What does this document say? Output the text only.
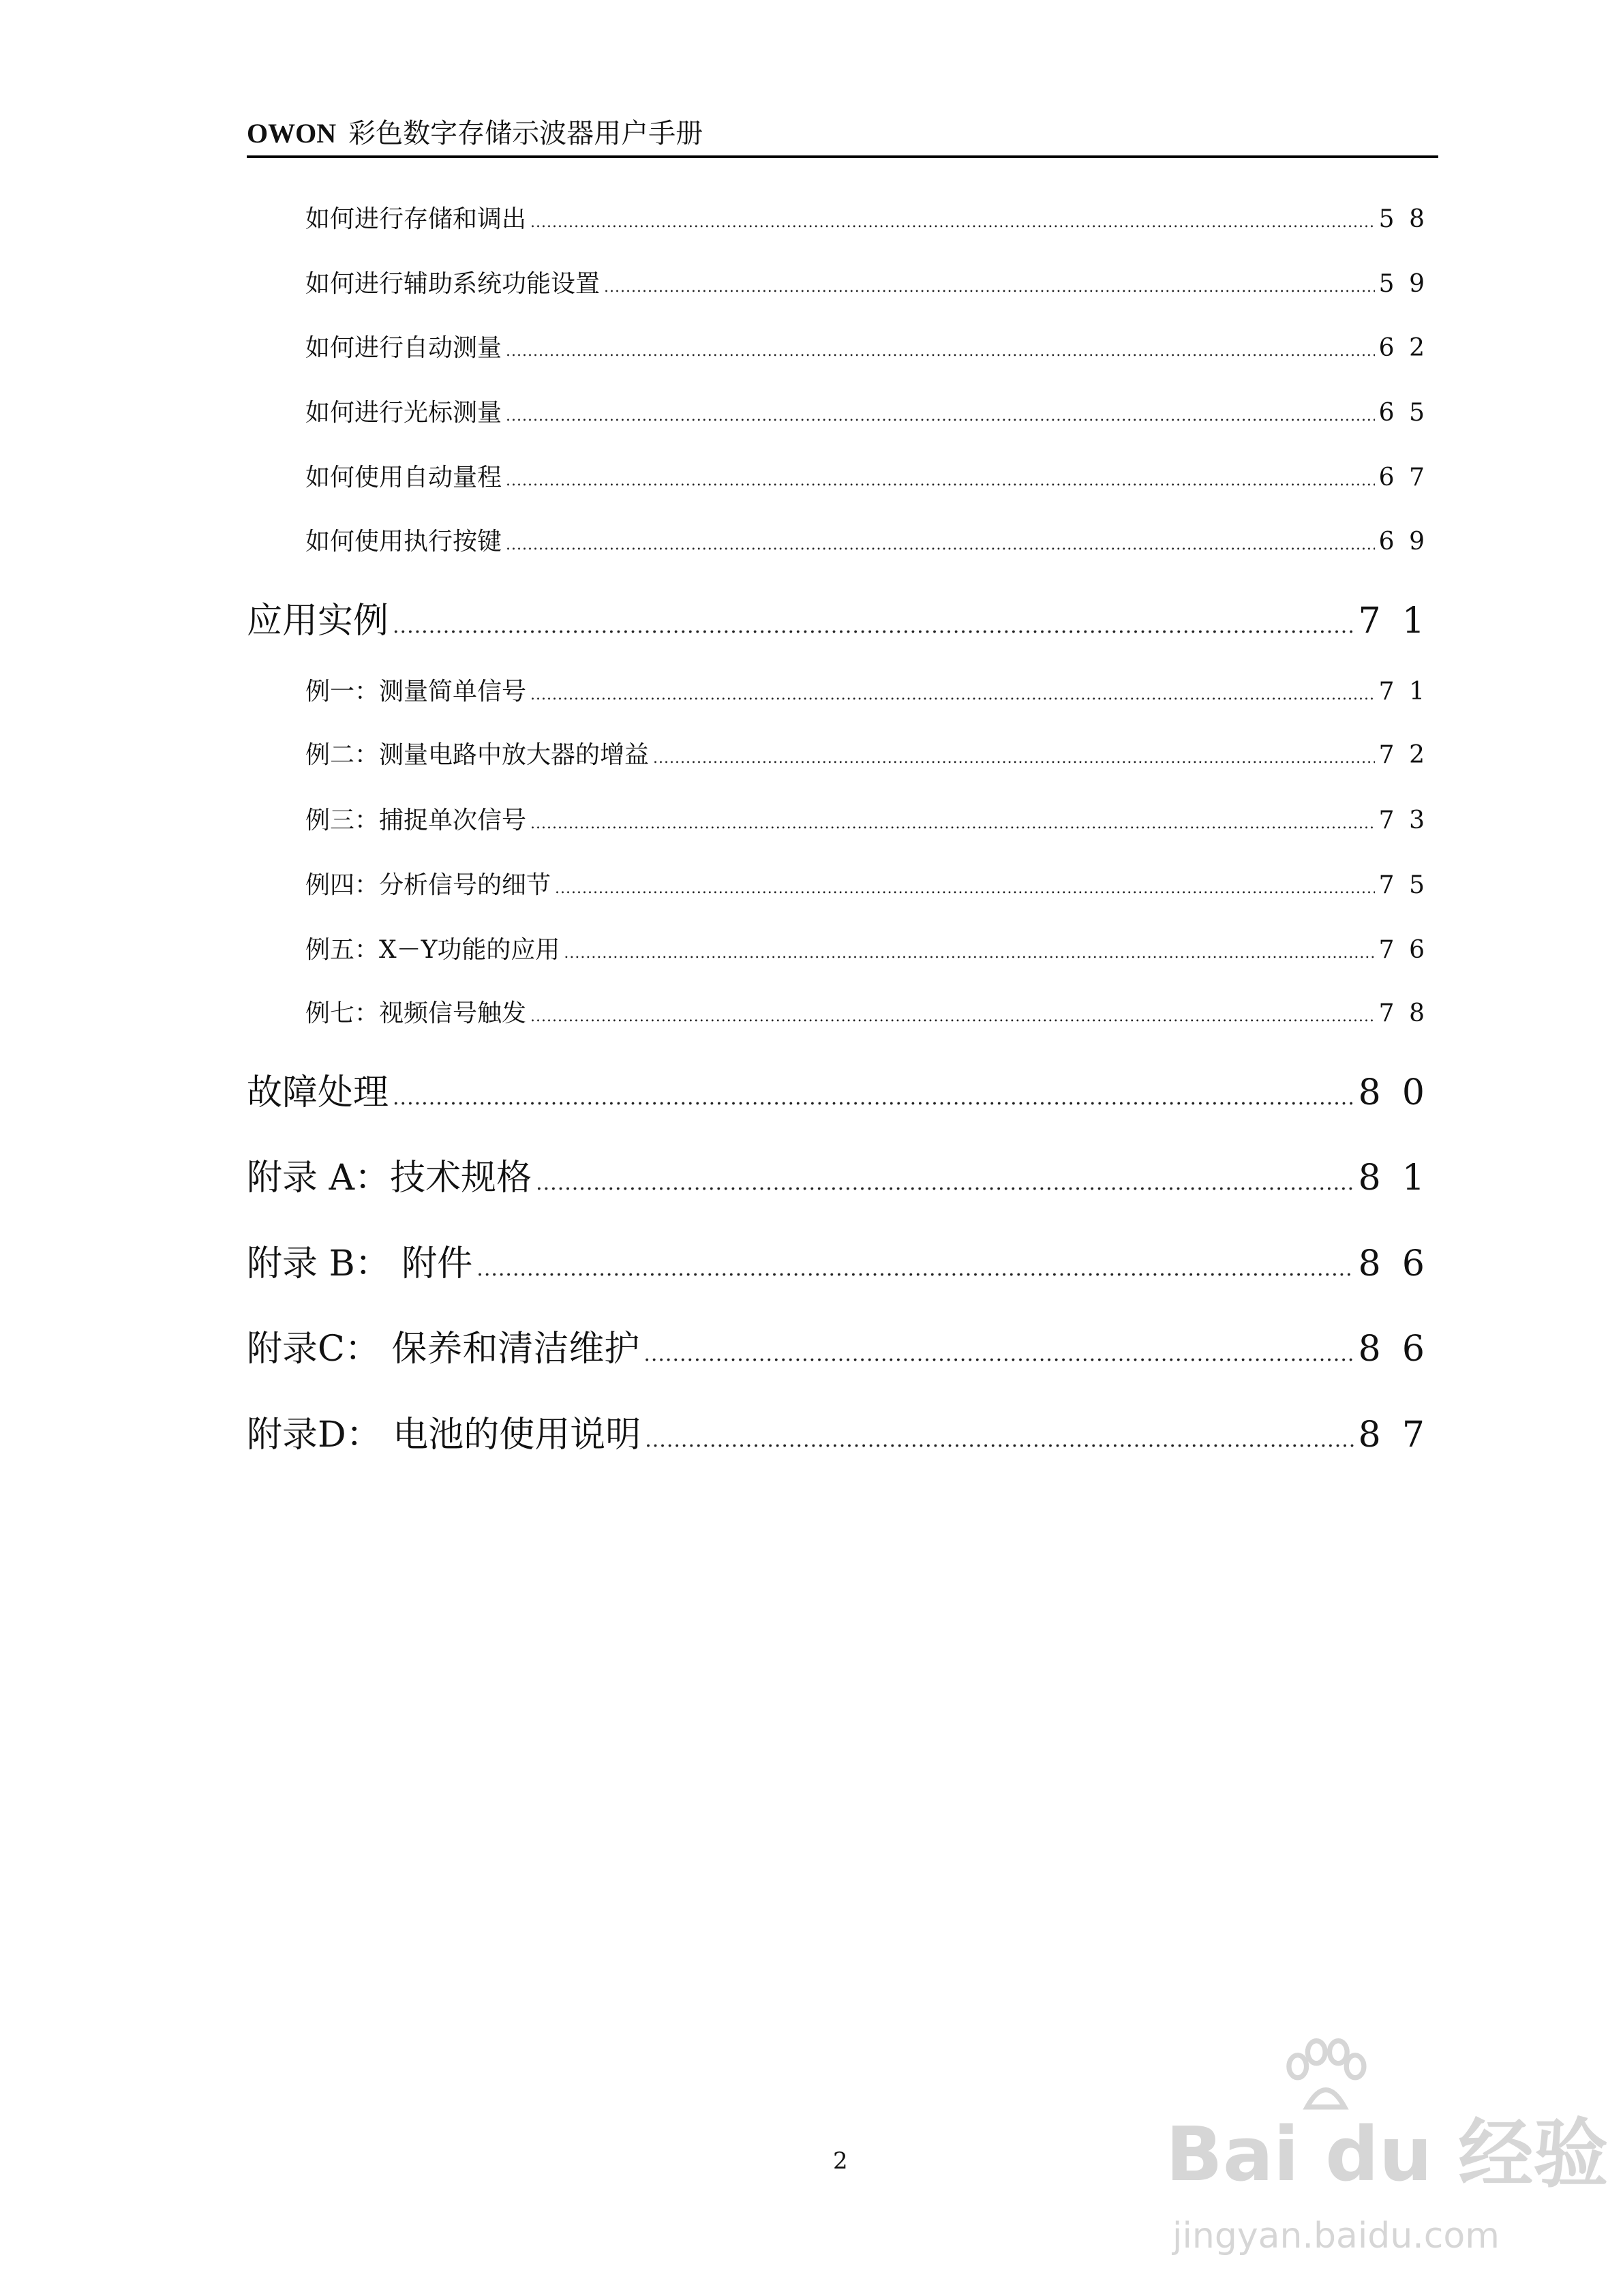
OWON 彩色数字存储示波器用户手册
如何进行存储和调出 .....	58
如何进行辅助系统功能设置 .....	59
如何进行自动测量 .....	62
如何进行光标测量 .....	65
如何使用自动量程 .....	67
如何使用执行按键 .....	69
应用实例 .....	71
例一：测量简单信号 .....	71
例二：测量电路中放大器的增益 .....	72
例三：捕捉单次信号 .....	73
例四：分析信号的细节 .....	75
例五：X－Y功能的应用 .....	76
例七：视频信号触发 .....	78
故障处理 .....	80
附录 A：技术规格 .....	81
附录 B： 附件 .....	86
附录C： 保养和清洁维护 .....	86
附录D： 电池的使用说明 .....	87
2	Bai du 经验
jingyan.baidu.com
